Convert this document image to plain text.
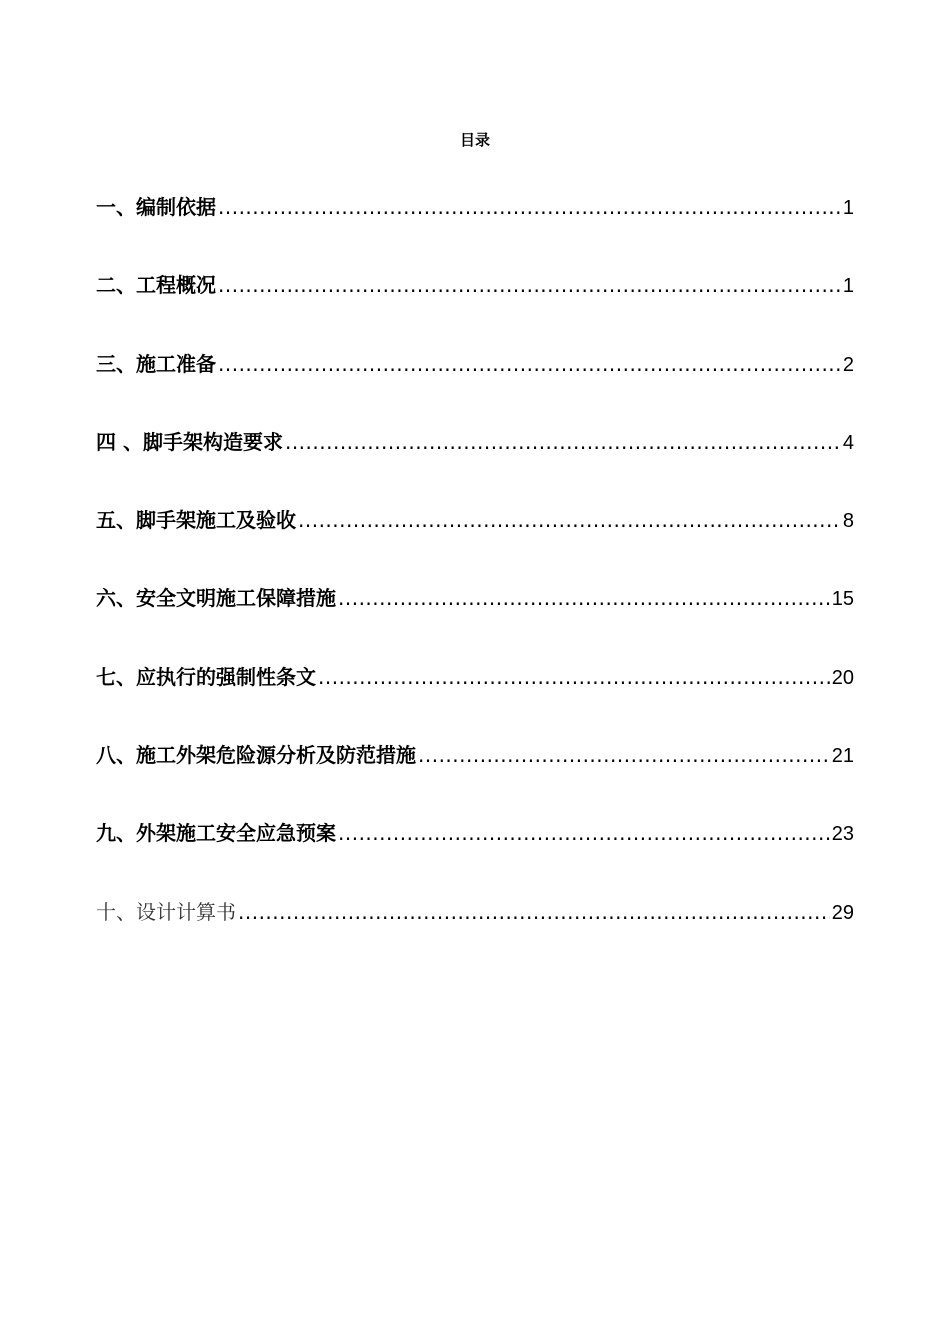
目录
一、编制依据 .....	1
二、工程概况 .....	1
三、施工准备 .....	2
四 、脚手架构造要求 .....	4
五、脚手架施工及验收 .....	8
六、安全文明施工保障措施 .....	15
七、应执行的强制性条文 .....	20
八、施工外架危险源分析及防范措施 .....	21
九、外架施工安全应急预案 .....	23
十、设计计算书 .....	29
